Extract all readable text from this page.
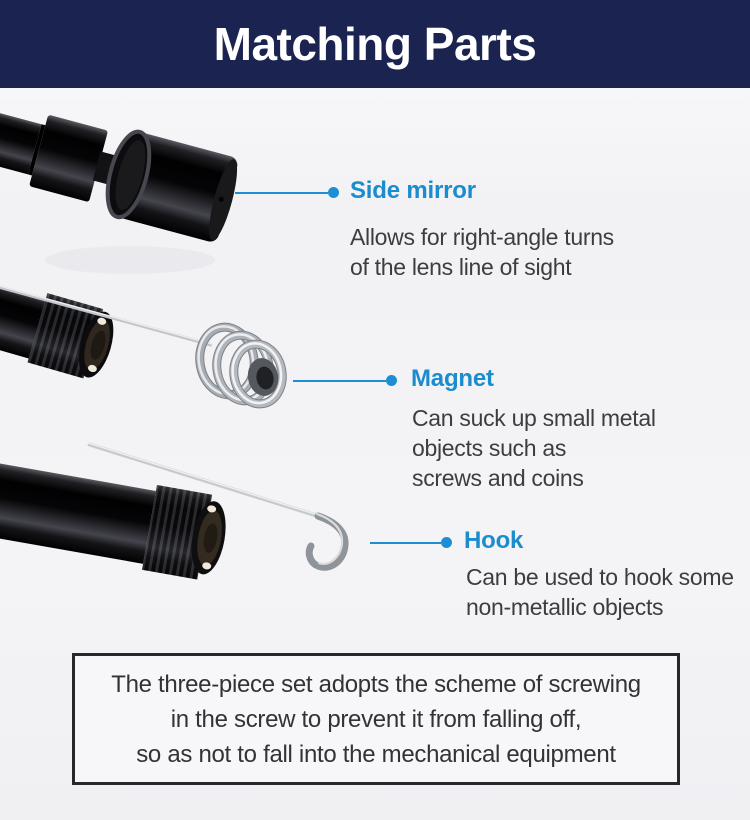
Matching Parts
Side mirror
Allows for right-angle turns
of the lens line of sight
Magnet
Can suck up small metal
objects such as
screws and coins
Hook
Can be used to hook some
non-metallic objects
The three-piece set adopts the scheme of screwing
in the screw to prevent it from falling off,
so as not to fall into the mechanical equipment
